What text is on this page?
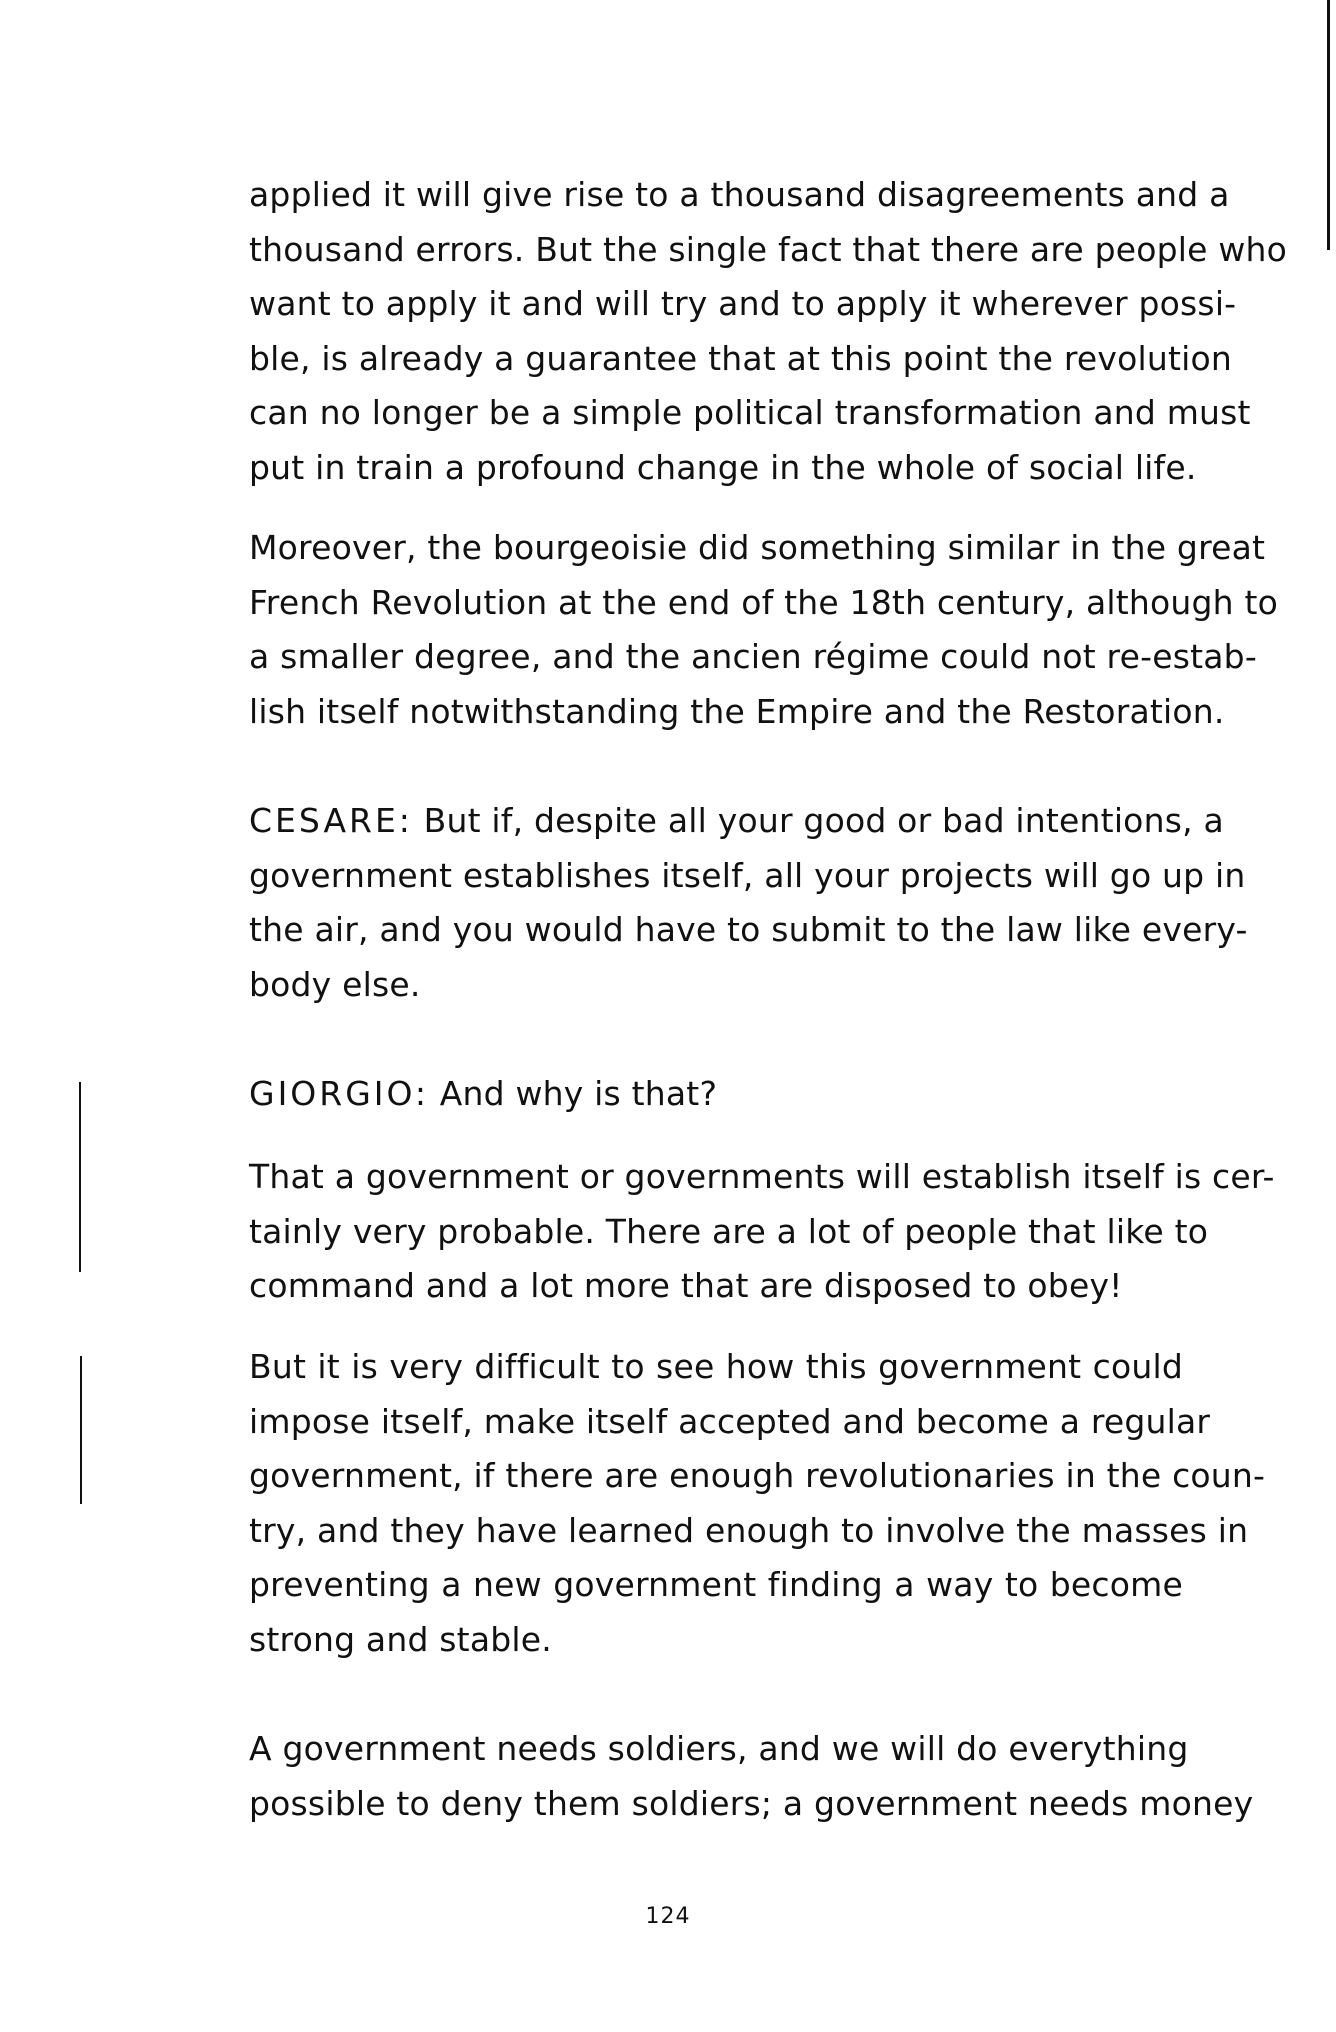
applied it will give rise to a thousand disagreements and a
thousand errors. But the single fact that there are people who
want to apply it and will try and to apply it wherever possi-
ble, is already a guarantee that at this point the revolution
can no longer be a simple political transformation and must
put in train a profound change in the whole of social life.
Moreover, the bourgeoisie did something similar in the great
French Revolution at the end of the 18th century, although to
a smaller degree, and the ancien régime could not re-estab-
lish itself notwithstanding the Empire and the Restoration.
CESARE: But if, despite all your good or bad intentions, a
government establishes itself, all your projects will go up in
the air, and you would have to submit to the law like every-
body else.
GIORGIO: And why is that?
That a government or governments will establish itself is cer-
tainly very probable. There are a lot of people that like to
command and a lot more that are disposed to obey!
But it is very difficult to see how this government could
impose itself, make itself accepted and become a regular
government, if there are enough revolutionaries in the coun-
try, and they have learned enough to involve the masses in
preventing a new government finding a way to become
strong and stable.
A government needs soldiers, and we will do everything
possible to deny them soldiers; a government needs money
124
